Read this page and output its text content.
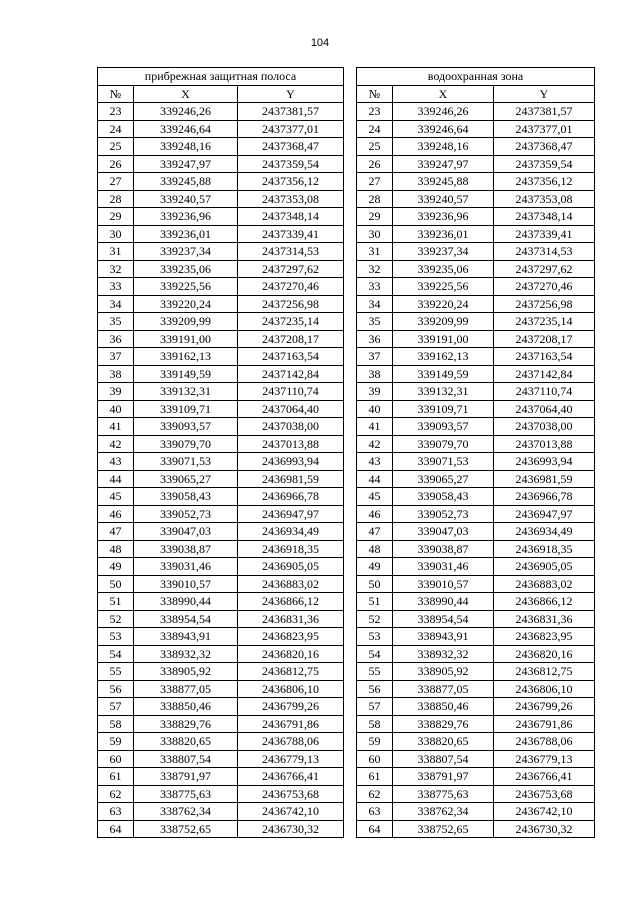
104
прибрежная защитная полоса				водоохранная зона		
№	X	Y		№	X	Y
23	339246,26	2437381,57		23	339246,26	2437381,57
24	339246,64	2437377,01		24	339246,64	2437377,01
25	339248,16	2437368,47		25	339248,16	2437368,47
26	339247,97	2437359,54		26	339247,97	2437359,54
27	339245,88	2437356,12		27	339245,88	2437356,12
28	339240,57	2437353,08		28	339240,57	2437353,08
29	339236,96	2437348,14		29	339236,96	2437348,14
30	339236,01	2437339,41		30	339236,01	2437339,41
31	339237,34	2437314,53		31	339237,34	2437314,53
32	339235,06	2437297,62		32	339235,06	2437297,62
33	339225,56	2437270,46		33	339225,56	2437270,46
34	339220,24	2437256,98		34	339220,24	2437256,98
35	339209,99	2437235,14		35	339209,99	2437235,14
36	339191,00	2437208,17		36	339191,00	2437208,17
37	339162,13	2437163,54		37	339162,13	2437163,54
38	339149,59	2437142,84		38	339149,59	2437142,84
39	339132,31	2437110,74		39	339132,31	2437110,74
40	339109,71	2437064,40		40	339109,71	2437064,40
41	339093,57	2437038,00		41	339093,57	2437038,00
42	339079,70	2437013,88		42	339079,70	2437013,88
43	339071,53	2436993,94		43	339071,53	2436993,94
44	339065,27	2436981,59		44	339065,27	2436981,59
45	339058,43	2436966,78		45	339058,43	2436966,78
46	339052,73	2436947,97		46	339052,73	2436947,97
47	339047,03	2436934,49		47	339047,03	2436934,49
48	339038,87	2436918,35		48	339038,87	2436918,35
49	339031,46	2436905,05		49	339031,46	2436905,05
50	339010,57	2436883,02		50	339010,57	2436883,02
51	338990,44	2436866,12		51	338990,44	2436866,12
52	338954,54	2436831,36		52	338954,54	2436831,36
53	338943,91	2436823,95		53	338943,91	2436823,95
54	338932,32	2436820,16		54	338932,32	2436820,16
55	338905,92	2436812,75		55	338905,92	2436812,75
56	338877,05	2436806,10		56	338877,05	2436806,10
57	338850,46	2436799,26		57	338850,46	2436799,26
58	338829,76	2436791,86		58	338829,76	2436791,86
59	338820,65	2436788,06		59	338820,65	2436788,06
60	338807,54	2436779,13		60	338807,54	2436779,13
61	338791,97	2436766,41		61	338791,97	2436766,41
62	338775,63	2436753,68		62	338775,63	2436753,68
63	338762,34	2436742,10		63	338762,34	2436742,10
64	338752,65	2436730,32		64	338752,65	2436730,32
